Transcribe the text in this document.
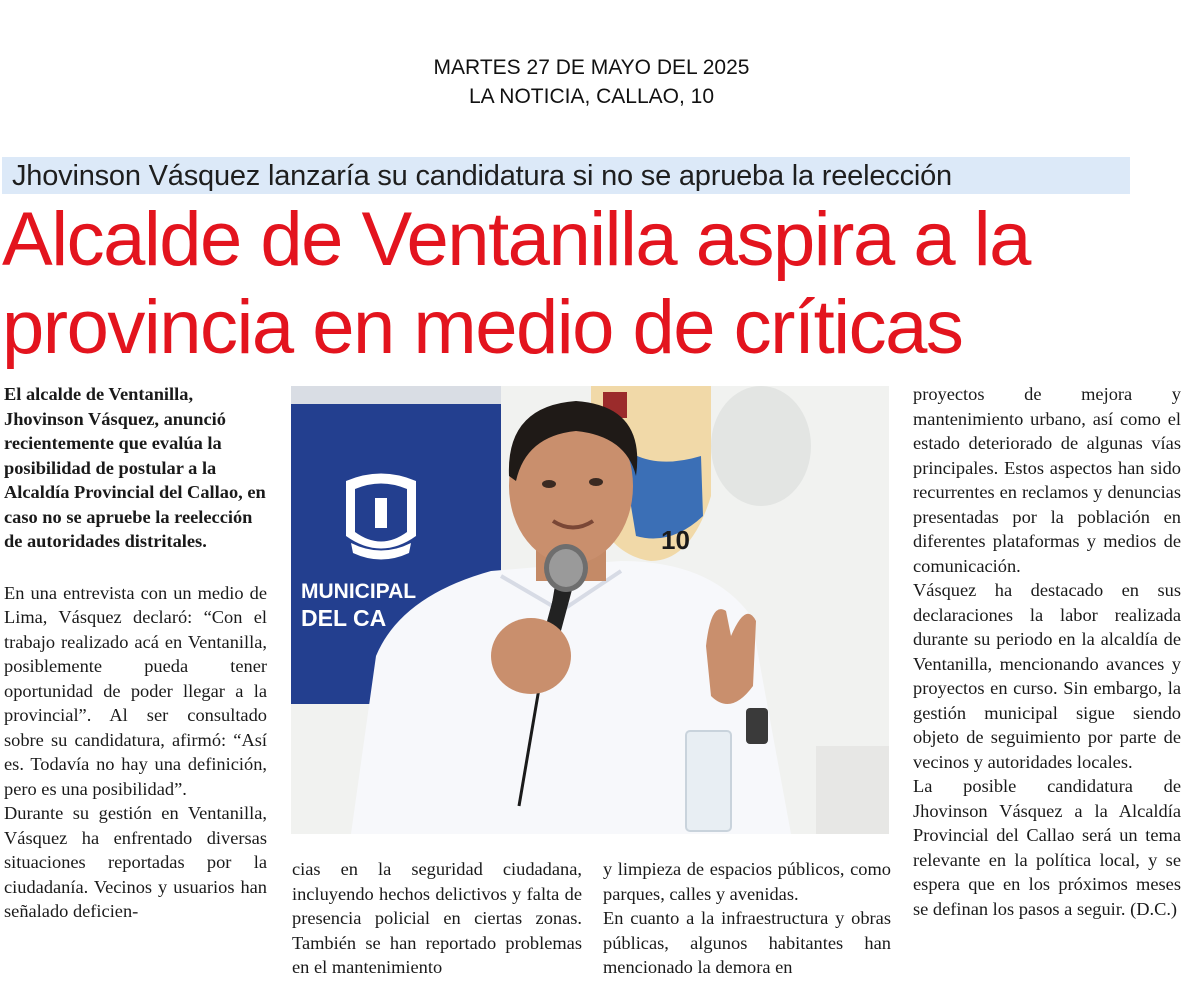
MARTES 27 DE MAYO DEL 2025
LA NOTICIA, CALLAO, 10
Jhovinson Vásquez lanzaría su candidatura si no se aprueba la reelección
Alcalde de Ventanilla aspira a la
provincia en medio de críticas

El alcalde de Ventanilla, Jhovinson Vásquez, anunció recientemente que evalúa la posibilidad de postular a la Alcaldía Provincial del Callao, en caso no se apruebe la reelección de autoridades distritales.

En una entrevista con un medio de Lima, Vásquez declaró: “Con el trabajo realizado acá en Ventanilla, posiblemente pueda tener oportunidad de poder llegar a la provincial”. Al ser consultado sobre su candidatura, afirmó: “Así es. Todavía no hay una definición, pero es una posibilidad”.

Durante su gestión en Ventanilla, Vásquez ha enfrentado diversas situaciones reportadas por la ciudadanía. Vecinos y usuarios han señalado deficien-

MUNICIPAL
DEL CA
10

cias en la seguridad ciudadana, incluyendo hechos delictivos y falta de presencia policial en ciertas zonas. También se han reportado problemas en el mantenimiento

y limpieza de espacios públicos, como parques, calles y avenidas.

En cuanto a la infraestructura y obras públicas, algunos habitantes han mencionado la demora en

proyectos de mejora y mantenimiento urbano, así como el estado deteriorado de algunas vías principales. Estos aspectos han sido recurrentes en reclamos y denuncias presentadas por la población en diferentes plataformas y medios de comunicación.

Vásquez ha destacado en sus declaraciones la labor realizada durante su periodo en la alcaldía de Ventanilla, mencionando avances y proyectos en curso. Sin embargo, la gestión municipal sigue siendo objeto de seguimiento por parte de vecinos y autoridades locales.

La posible candidatura de Jhovinson Vásquez a la Alcaldía Provincial del Callao será un tema relevante en la política local, y se espera que en los próximos meses se definan los pasos a seguir. (D.C.)
